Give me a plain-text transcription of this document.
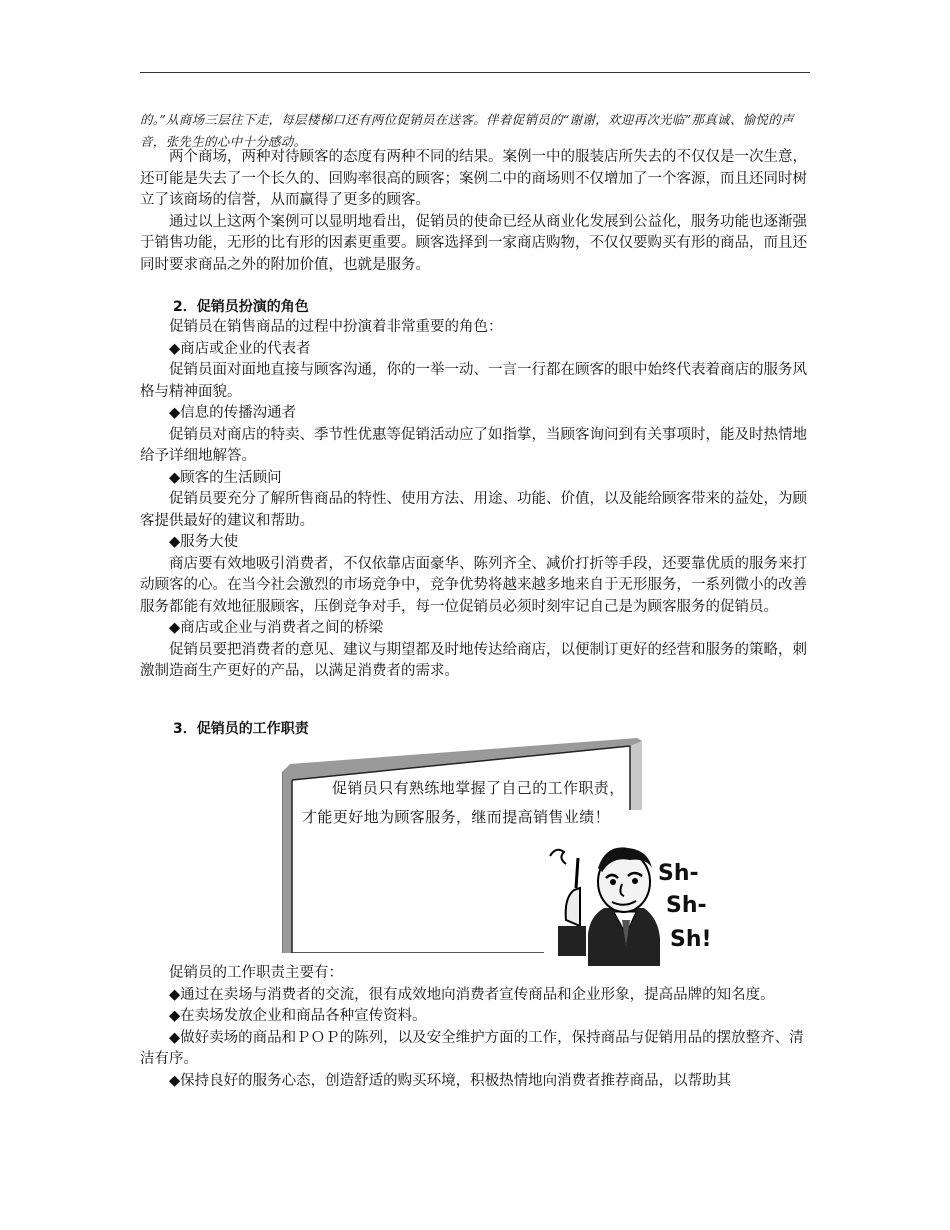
的。”从商场三层往下走，每层楼梯口还有两位促销员在送客。伴着促销员的“谢谢，欢迎再次光临”那真诚、愉悦的声音，张先生的心中十分感动。

两个商场，两种对待顾客的态度有两种不同的结果。案例一中的服装店所失去的不仅仅是一次生意，还可能是失去了一个长久的、回购率很高的顾客；案例二中的商场则不仅增加了一个客源，而且还同时树立了该商场的信誉，从而赢得了更多的顾客。

通过以上这两个案例可以显明地看出，促销员的使命已经从商业化发展到公益化，服务功能也逐渐强于销售功能，无形的比有形的因素更重要。顾客选择到一家商店购物，不仅仅要购买有形的商品，而且还同时要求商品之外的附加价值，也就是服务。

2．促销员扮演的角色

促销员在销售商品的过程中扮演着非常重要的角色：

◆商店或企业的代表者

促销员面对面地直接与顾客沟通，你的一举一动、一言一行都在顾客的眼中始终代表着商店的服务风格与精神面貌。

◆信息的传播沟通者

促销员对商店的特卖、季节性优惠等促销活动应了如指掌，当顾客询问到有关事项时，能及时热情地给予详细地解答。

◆顾客的生活顾问

促销员要充分了解所售商品的特性、使用方法、用途、功能、价值，以及能给顾客带来的益处，为顾客提供最好的建议和帮助。

◆服务大使

商店要有效地吸引消费者，不仅依靠店面豪华、陈列齐全、减价打折等手段，还要靠优质的服务来打动顾客的心。在当今社会激烈的市场竞争中，竞争优势将越来越多地来自于无形服务，一系列微小的改善服务都能有效地征服顾客，压倒竞争对手，每一位促销员必须时刻牢记自己是为顾客服务的促销员。

◆商店或企业与消费者之间的桥梁

促销员要把消费者的意见、建议与期望都及时地传达给商店，以便制订更好的经营和服务的策略，刺激制造商生产更好的产品，以满足消费者的需求。

3．促销员的工作职责
促销员只有熟练地掌握了自己的工作职责，才能更好地为顾客服务，继而提高销售业绩！
Sh-
Sh-
Sh!

促销员的工作职责主要有：

◆通过在卖场与消费者的交流，很有成效地向消费者宣传商品和企业形象，提高品牌的知名度。

◆在卖场发放企业和商品各种宣传资料。

◆做好卖场的商品和ＰＯＰ的陈列，以及安全维护方面的工作，保持商品与促销用品的摆放整齐、清洁有序。

◆保持良好的服务心态，创造舒适的购买环境，积极热情地向消费者推荐商品，以帮助其
